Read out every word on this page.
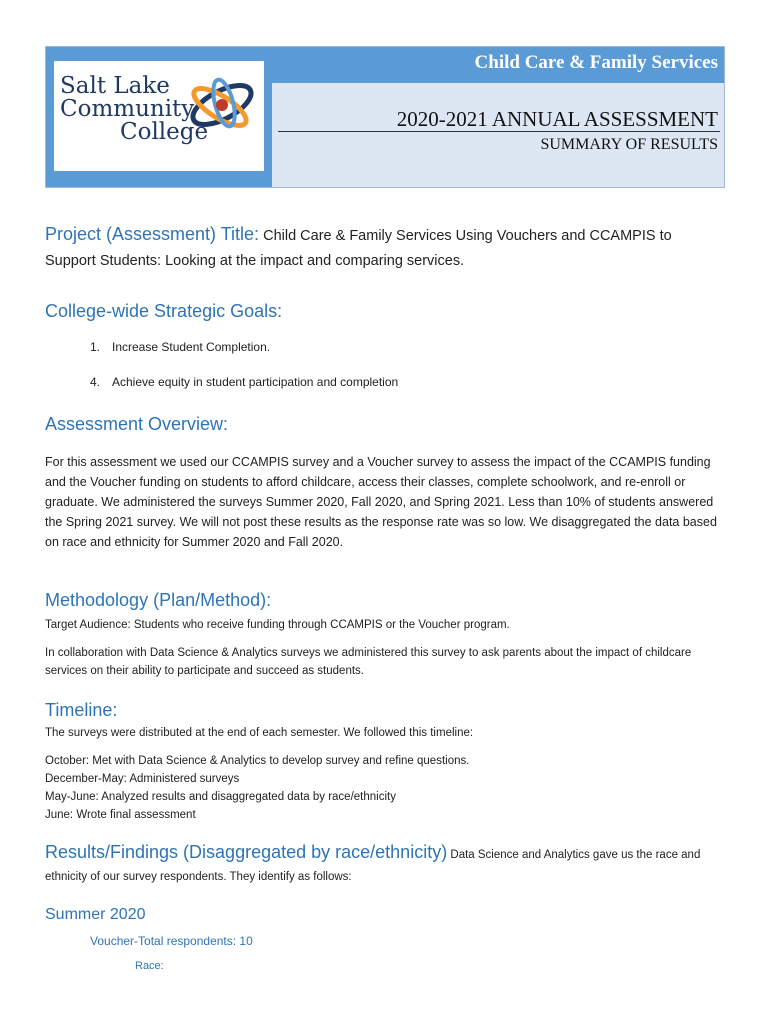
Salt Lake
Community
College
Child Care & Family Services
2020-2021 ANNUAL ASSESSMENT
SUMMARY OF RESULTS

Project (Assessment) Title: Child Care & Family Services Using Vouchers and CCAMPIS to Support Students: Looking at the impact and comparing services.

College-wide Strategic Goals:
1. Increase Student Completion.
4. Achieve equity in student participation and completion
Assessment Overview:

For this assessment we used our CCAMPIS survey and a Voucher survey to assess the impact of the CCAMPIS funding and the Voucher funding on students to afford childcare, access their classes, complete schoolwork, and re-enroll or graduate. We administered the surveys Summer 2020, Fall 2020, and Spring 2021. Less than 10% of students answered the Spring 2021 survey. We will not post these results as the response rate was so low. We disaggregated the data based on race and ethnicity for Summer 2020 and Fall 2020.

Methodology (Plan/Method):

Target Audience: Students who receive funding through CCAMPIS or the Voucher program.

In collaboration with Data Science & Analytics surveys we administered this survey to ask parents about the impact of childcare services on their ability to participate and succeed as students.

Timeline:

The surveys were distributed at the end of each semester. We followed this timeline:

October: Met with Data Science & Analytics to develop survey and refine questions.
December-May: Administered surveys
May-June: Analyzed results and disaggregated data by race/ethnicity
June: Wrote final assessment

Results/Findings (Disaggregated by race/ethnicity) Data Science and Analytics gave us the race and ethnicity of our survey respondents. They identify as follows:

Summer 2020
Voucher-Total respondents: 10
Race:
